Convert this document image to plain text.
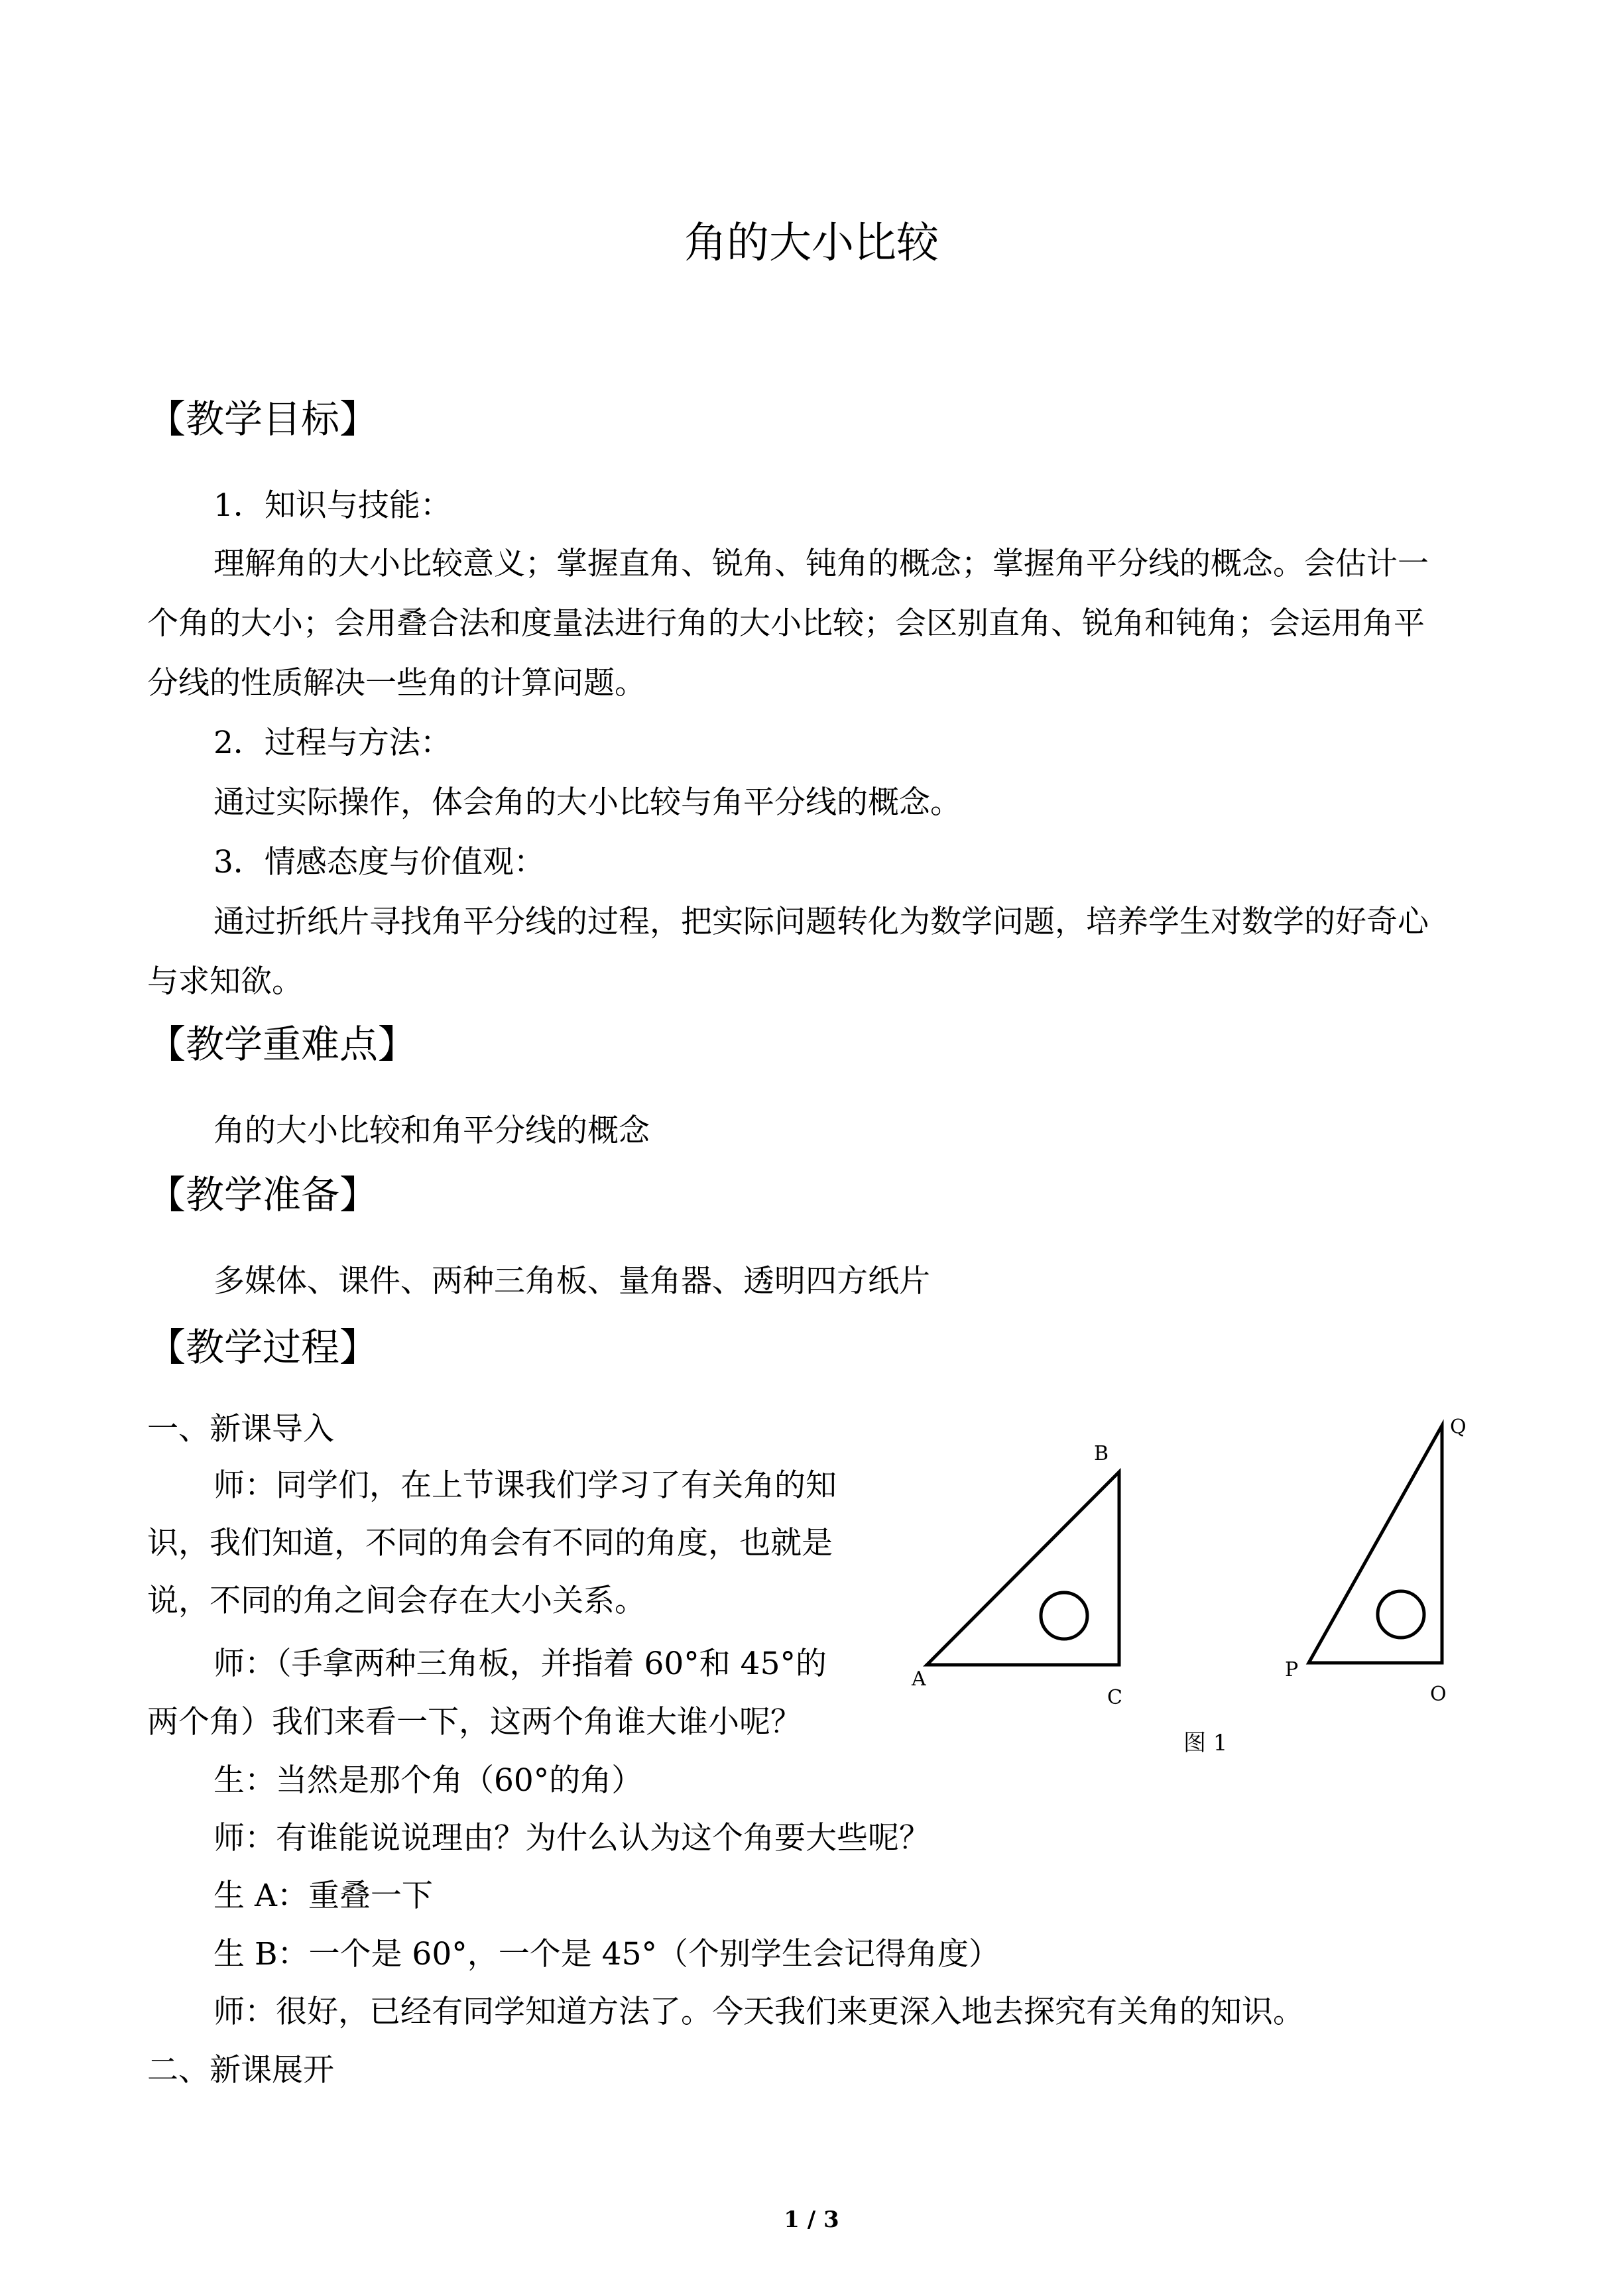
角的大小比较
【教学目标】
1．知识与技能：
理解角的大小比较意义；掌握直角、锐角、钝角的概念；掌握角平分线的概念。会估计一
个角的大小；会用叠合法和度量法进行角的大小比较；会区别直角、锐角和钝角；会运用角平
分线的性质解决一些角的计算问题。
2．过程与方法：
通过实际操作，体会角的大小比较与角平分线的概念。
3．情感态度与价值观：
通过折纸片寻找角平分线的过程，把实际问题转化为数学问题，培养学生对数学的好奇心
与求知欲。
【教学重难点】
角的大小比较和角平分线的概念
【教学准备】
多媒体、课件、两种三角板、量角器、透明四方纸片
【教学过程】
一、新课导入
师：同学们，在上节课我们学习了有关角的知
识，我们知道，不同的角会有不同的角度，也就是
说，不同的角之间会存在大小关系。
师：（手拿两种三角板，并指着 60°和 45°的
两个角）我们来看一下，这两个角谁大谁小呢？
生：当然是那个角（60°的角）
师：有谁能说说理由？为什么认为这个角要大些呢？
生 A：重叠一下
生 B：一个是 60°，一个是 45°（个别学生会记得角度）
师：很好，已经有同学知道方法了。今天我们来更深入地去探究有关角的知识。
二、新课展开
A
B
C
P
Q
O
图 1
1 / 3
